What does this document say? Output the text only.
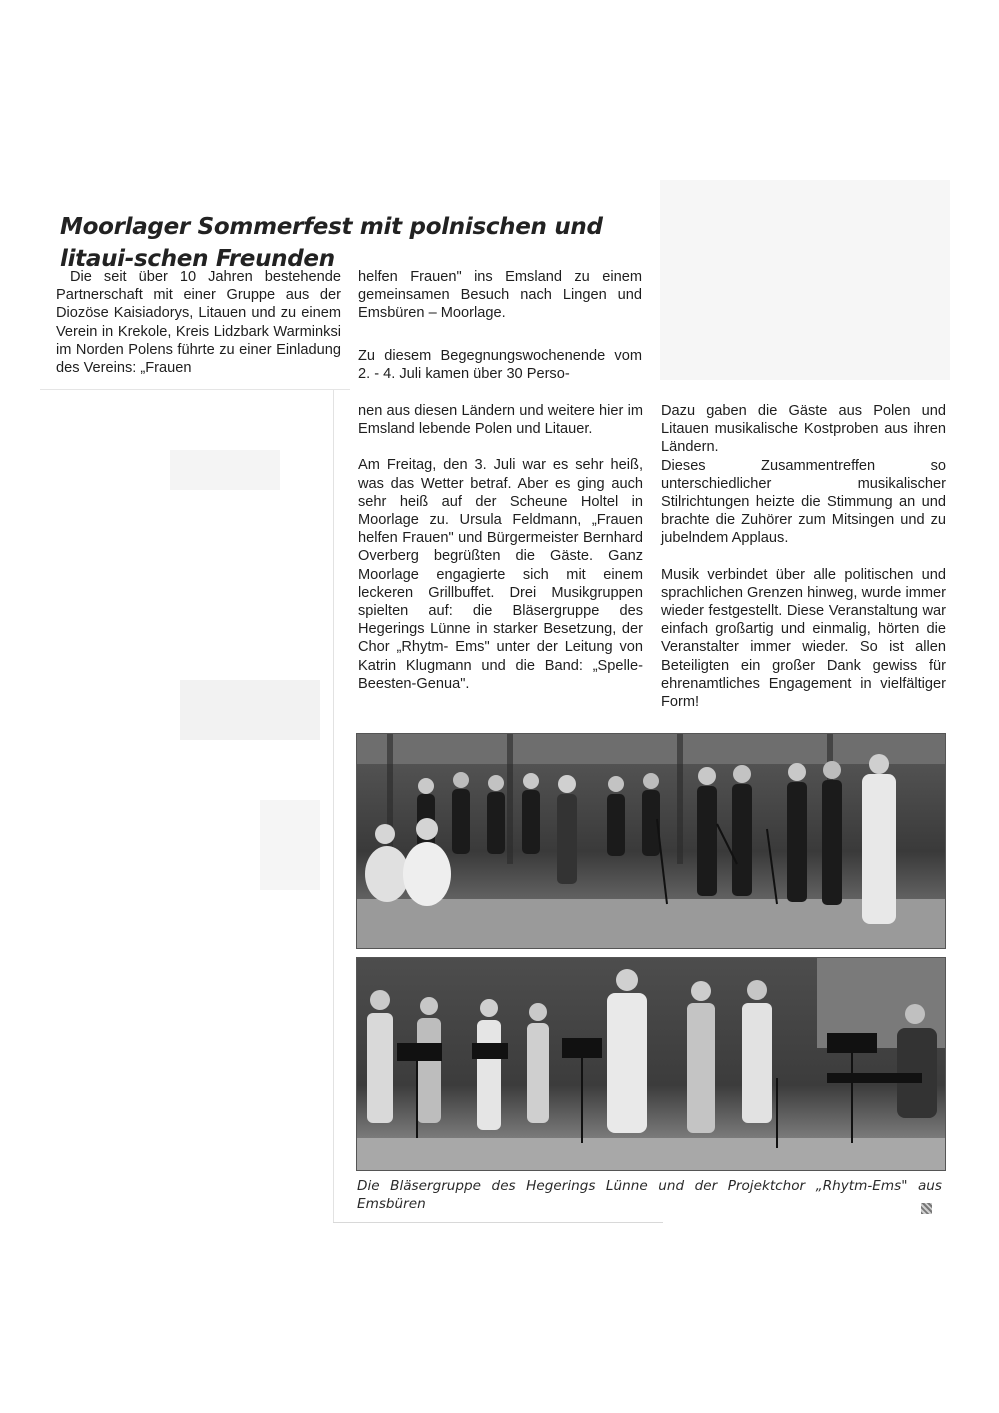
Moorlager Sommerfest mit polnischen und litaui-schen Freunden

Die seit über 10 Jahren bestehende Partnerschaft mit einer Gruppe aus der Diozöse Kaisiadorys, Litauen und zu einem Verein in Krekole, Kreis Lidzbark Warminksi im Norden Polens führte zu einer Einladung des Vereins: „Frauen

helfen Frauen" ins Emsland zu einem gemeinsamen Besuch nach Lingen und Emsbüren – Moorlage.

Zu diesem Begegnungswochenende vom 2. - 4. Juli kamen über 30 Perso-

nen aus diesen Ländern und weitere hier im Emsland lebende Polen und Litauer.

Am Freitag, den 3. Juli war es sehr heiß, was das Wetter betraf. Aber es ging auch sehr heiß auf der Scheune Holtel in Moorlage zu. Ursula Feldmann, „Frauen helfen Frauen" und Bürgermeister Bernhard Overberg begrüßten die Gäste. Ganz Moorlage engagierte sich mit einem leckeren Grillbuffet. Drei Musikgruppen spielten auf: die Bläsergruppe des Hegerings Lünne in starker Besetzung, der Chor „Rhytm- Ems" unter der Leitung von Katrin Klugmann und die Band: „Spelle-Beesten-Genua".

Dazu gaben die Gäste aus Polen und Litauen musikalische Kostproben aus ihren Ländern.

Dieses Zusammentreffen so unterschiedlicher musikalischer Stilrichtungen heizte die Stimmung an und brachte die Zuhörer zum Mitsingen und zu jubelndem Applaus.

Musik verbindet über alle politischen und sprachlichen Grenzen hinweg, wurde immer wieder festgestellt. Diese Veranstaltung war einfach großartig und einmalig, hörten die Veranstalter immer wieder. So ist allen Beteiligten ein großer Dank gewiss für ehrenamtliches Engagement in vielfältiger Form!

Die Bläsergruppe des Hegerings Lünne und der Projektchor „Rhytm-Ems" aus Emsbüren
